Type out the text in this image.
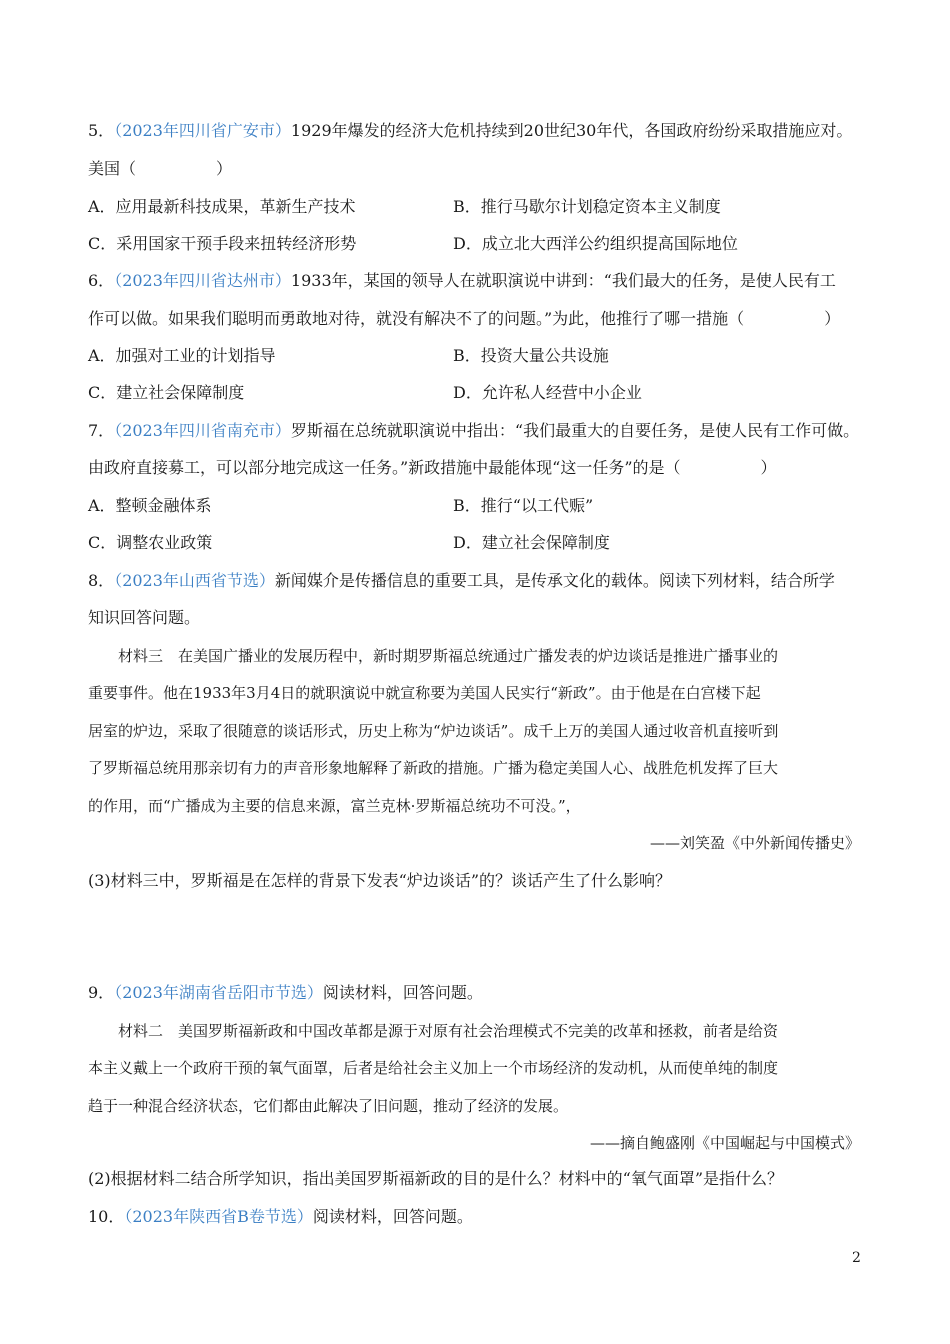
5．（2023年四川省广安市）1929年爆发的经济大危机持续到20世纪30年代，各国政府纷纷采取措施应对。
美国（	）
A．应用最新科技成果，革新生产技术	B．推行马歇尔计划稳定资本主义制度
C．采用国家干预手段来扭转经济形势	D．成立北大西洋公约组织提高国际地位
6．（2023年四川省达州市）1933年，某国的领导人在就职演说中讲到：“我们最大的任务，是使人民有工
作可以做。如果我们聪明而勇敢地对待，就没有解决不了的问题。”为此，他推行了哪一措施（	）
A．加强对工业的计划指导	B．投资大量公共设施
C．建立社会保障制度	D．允许私人经营中小企业
7．（2023年四川省南充市）罗斯福在总统就职演说中指出：“我们最重大的自要任务，是使人民有工作可做。
由政府直接募工，可以部分地完成这一任务。”新政措施中最能体现“这一任务”的是（	）
A．整顿金融体系	B．推行“以工代赈”
C．调整农业政策	D．建立社会保障制度
8．（2023年山西省节选）新闻媒介是传播信息的重要工具，是传承文化的载体。阅读下列材料，结合所学
知识回答问题。
材料三　在美国广播业的发展历程中，新时期罗斯福总统通过广播发表的炉边谈话是推进广播事业的
重要事件。他在1933年3月4日的就职演说中就宣称要为美国人民实行“新政”。由于他是在白宫楼下起
居室的炉边，采取了很随意的谈话形式，历史上称为“炉边谈话”。成千上万的美国人通过收音机直接听到
了罗斯福总统用那亲切有力的声音形象地解释了新政的措施。广播为稳定美国人心、战胜危机发挥了巨大
的作用，而“广播成为主要的信息来源，富兰克林·罗斯福总统功不可没。”，
——刘笑盈《中外新闻传播史》
(3)材料三中，罗斯福是在怎样的背景下发表“炉边谈话”的？谈话产生了什么影响？
9．（2023年湖南省岳阳市节选）阅读材料，回答问题。
材料二　美国罗斯福新政和中国改革都是源于对原有社会治理模式不完美的改革和拯救，前者是给资
本主义戴上一个政府干预的氧气面罩，后者是给社会主义加上一个市场经济的发动机，从而使单纯的制度
趋于一种混合经济状态，它们都由此解决了旧问题，推动了经济的发展。
——摘自鲍盛刚《中国崛起与中国模式》
(2)根据材料二结合所学知识，指出美国罗斯福新政的目的是什么？材料中的“氧气面罩”是指什么？
10．（2023年陕西省B卷节选）阅读材料，回答问题。
2
